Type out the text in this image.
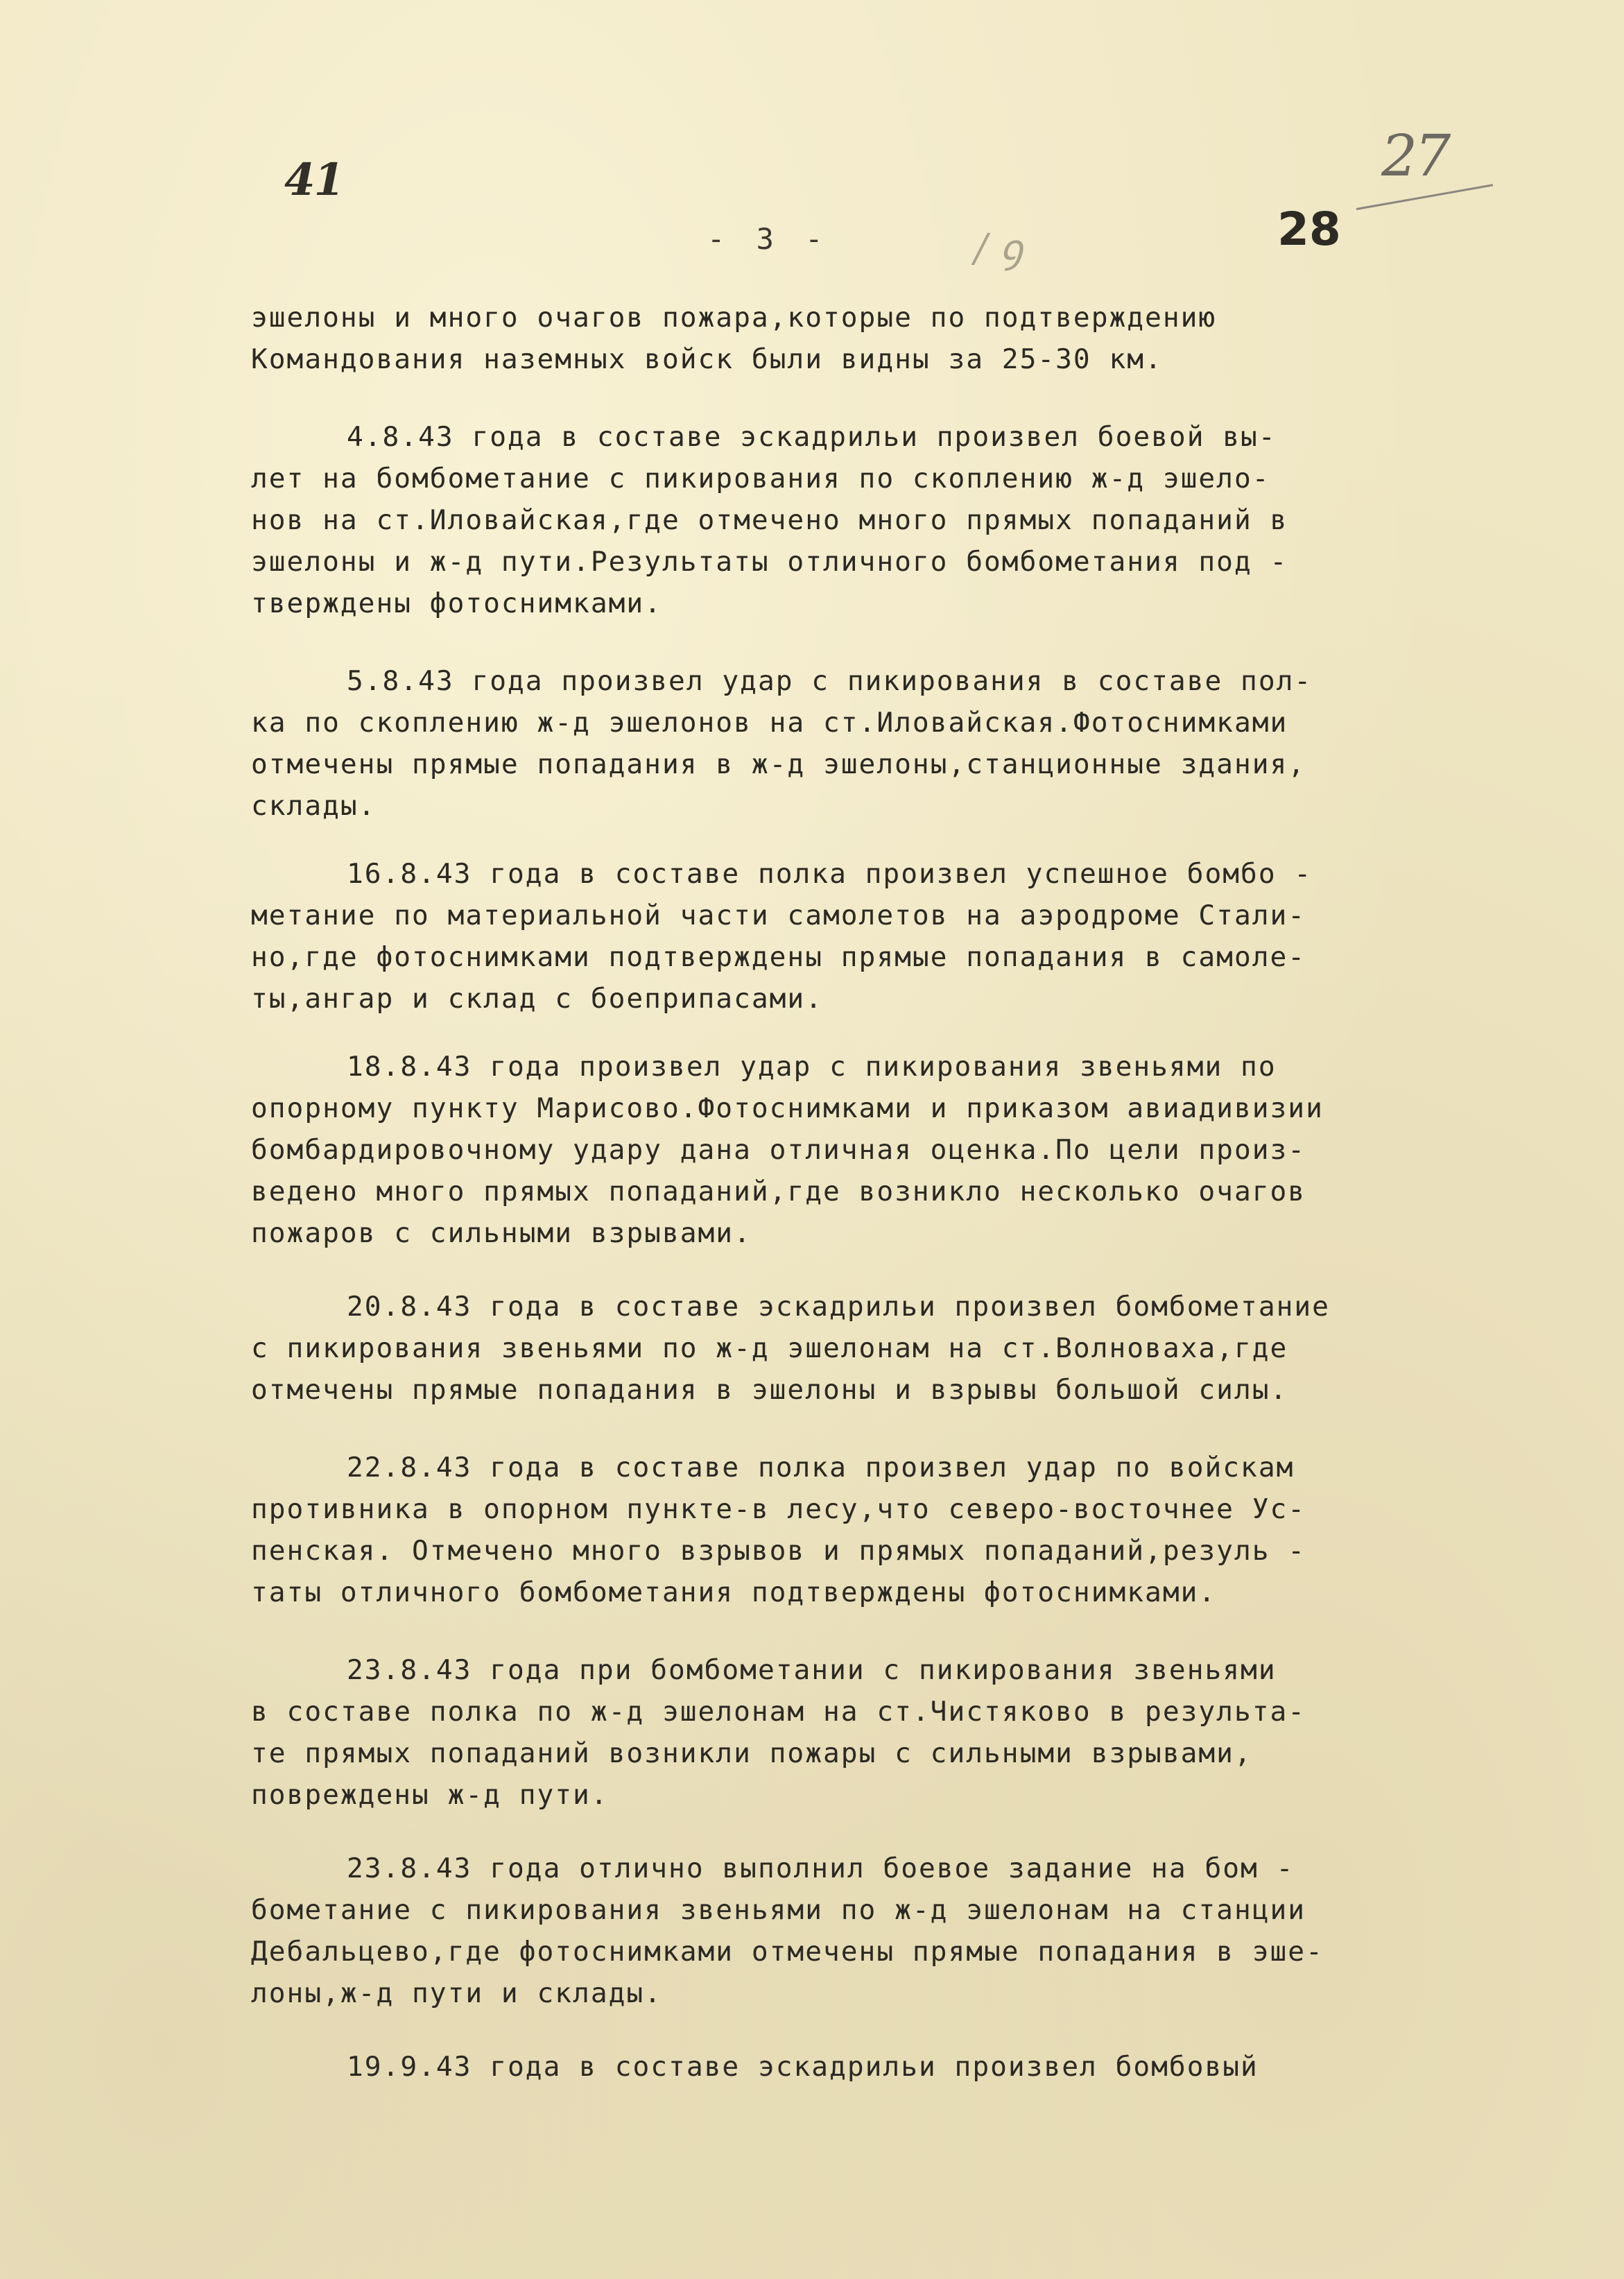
41	27
- 3 -	/ ꝯ	28
эшелоны и много очагов пожара,которые по подтверждению
Командования наземных войск были видны за 25-30 км.
4.8.43 года в составе эскадрильи произвел боевой вы-
лет на бомбометание с пикирования по скоплению ж-д эшело-
нов на ст.Иловайская,где отмечено много прямых попаданий в
эшелоны и ж-д пути.Результаты отличного бомбометания под -
тверждены фотоснимками.
5.8.43 года произвел удар с пикирования в составе пол-
ка по скоплению ж-д эшелонов на ст.Иловайская.Фотоснимками
отмечены прямые попадания в ж-д эшелоны,станционные здания,
склады.
16.8.43 года в составе полка произвел успешное бомбо -
метание по материальной части самолетов на аэродроме Стали-
но,где фотоснимками подтверждены прямые попадания в самоле-
ты,ангар и склад с боеприпасами.
18.8.43 года произвел удар с пикирования звеньями по
опорному пункту Марисово.Фотоснимками и приказом авиадивизии
бомбардировочному удару дана отличная оценка.По цели произ-
ведено много прямых попаданий,где возникло несколько очагов
пожаров с сильными взрывами.
20.8.43 года в составе эскадрильи произвел бомбометание
с пикирования звеньями по ж-д эшелонам на ст.Волноваха,где
отмечены прямые попадания в эшелоны и взрывы большой силы.
22.8.43 года в составе полка произвел удар по войскам
противника в опорном пункте-в лесу,что северо-восточнее Ус-
пенская. Отмечено много взрывов и прямых попаданий,резуль -
таты отличного бомбометания подтверждены фотоснимками.
23.8.43 года при бомбометании с пикирования звеньями
в составе полка по ж-д эшелонам на ст.Чистяково в результа-
те прямых попаданий возникли пожары с сильными взрывами,
повреждены ж-д пути.
23.8.43 года отлично выполнил боевое задание на бом -
бометание с пикирования звеньями по ж-д эшелонам на станции
Дебальцево,где фотоснимками отмечены прямые попадания в эше-
лоны,ж-д пути и склады.
19.9.43 года в составе эскадрильи произвел бомбовый
